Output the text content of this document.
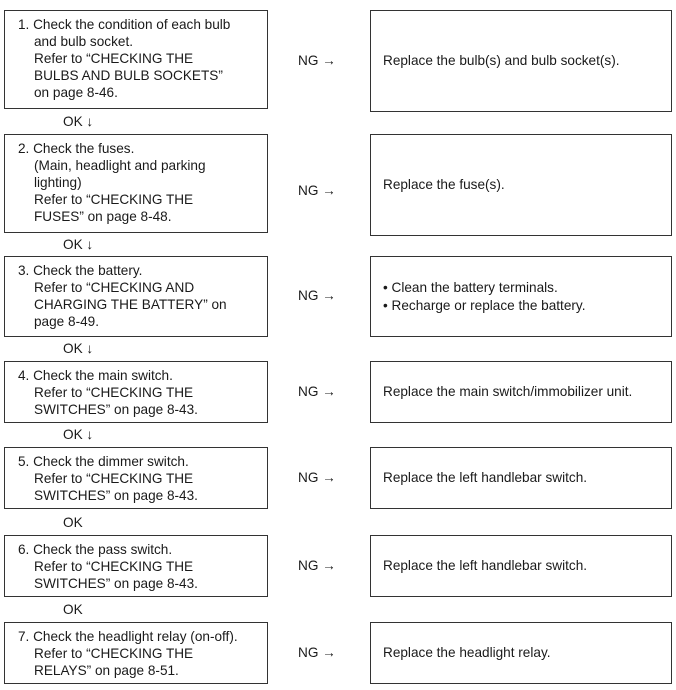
1. Check the condition of each bulb
and bulb socket.
Refer to “CHECKING THE
BULBS AND BULB SOCKETS”
on page 8-46.
NG →	Replace the bulb(s) and bulb socket(s).
OK ↓
2. Check the fuses.
(Main, headlight and parking
lighting)
Refer to “CHECKING THE
FUSES” on page 8-48.
NG →	Replace the fuse(s).
OK ↓
3. Check the battery.
Refer to “CHECKING AND
CHARGING THE BATTERY” on
page 8-49.
NG →
• Clean the battery terminals.
• Recharge or replace the battery.
OK ↓
4. Check the main switch.
Refer to “CHECKING THE
SWITCHES” on page 8-43.
NG →	Replace the main switch/immobilizer unit.
OK ↓
5. Check the dimmer switch.
Refer to “CHECKING THE
SWITCHES” on page 8-43.
NG →	Replace the left handlebar switch.
OK
6. Check the pass switch.
Refer to “CHECKING THE
SWITCHES” on page 8-43.
NG →	Replace the left handlebar switch.
OK
7. Check the headlight relay (on-off).
Refer to “CHECKING THE
RELAYS” on page 8-51.
NG →	Replace the headlight relay.
